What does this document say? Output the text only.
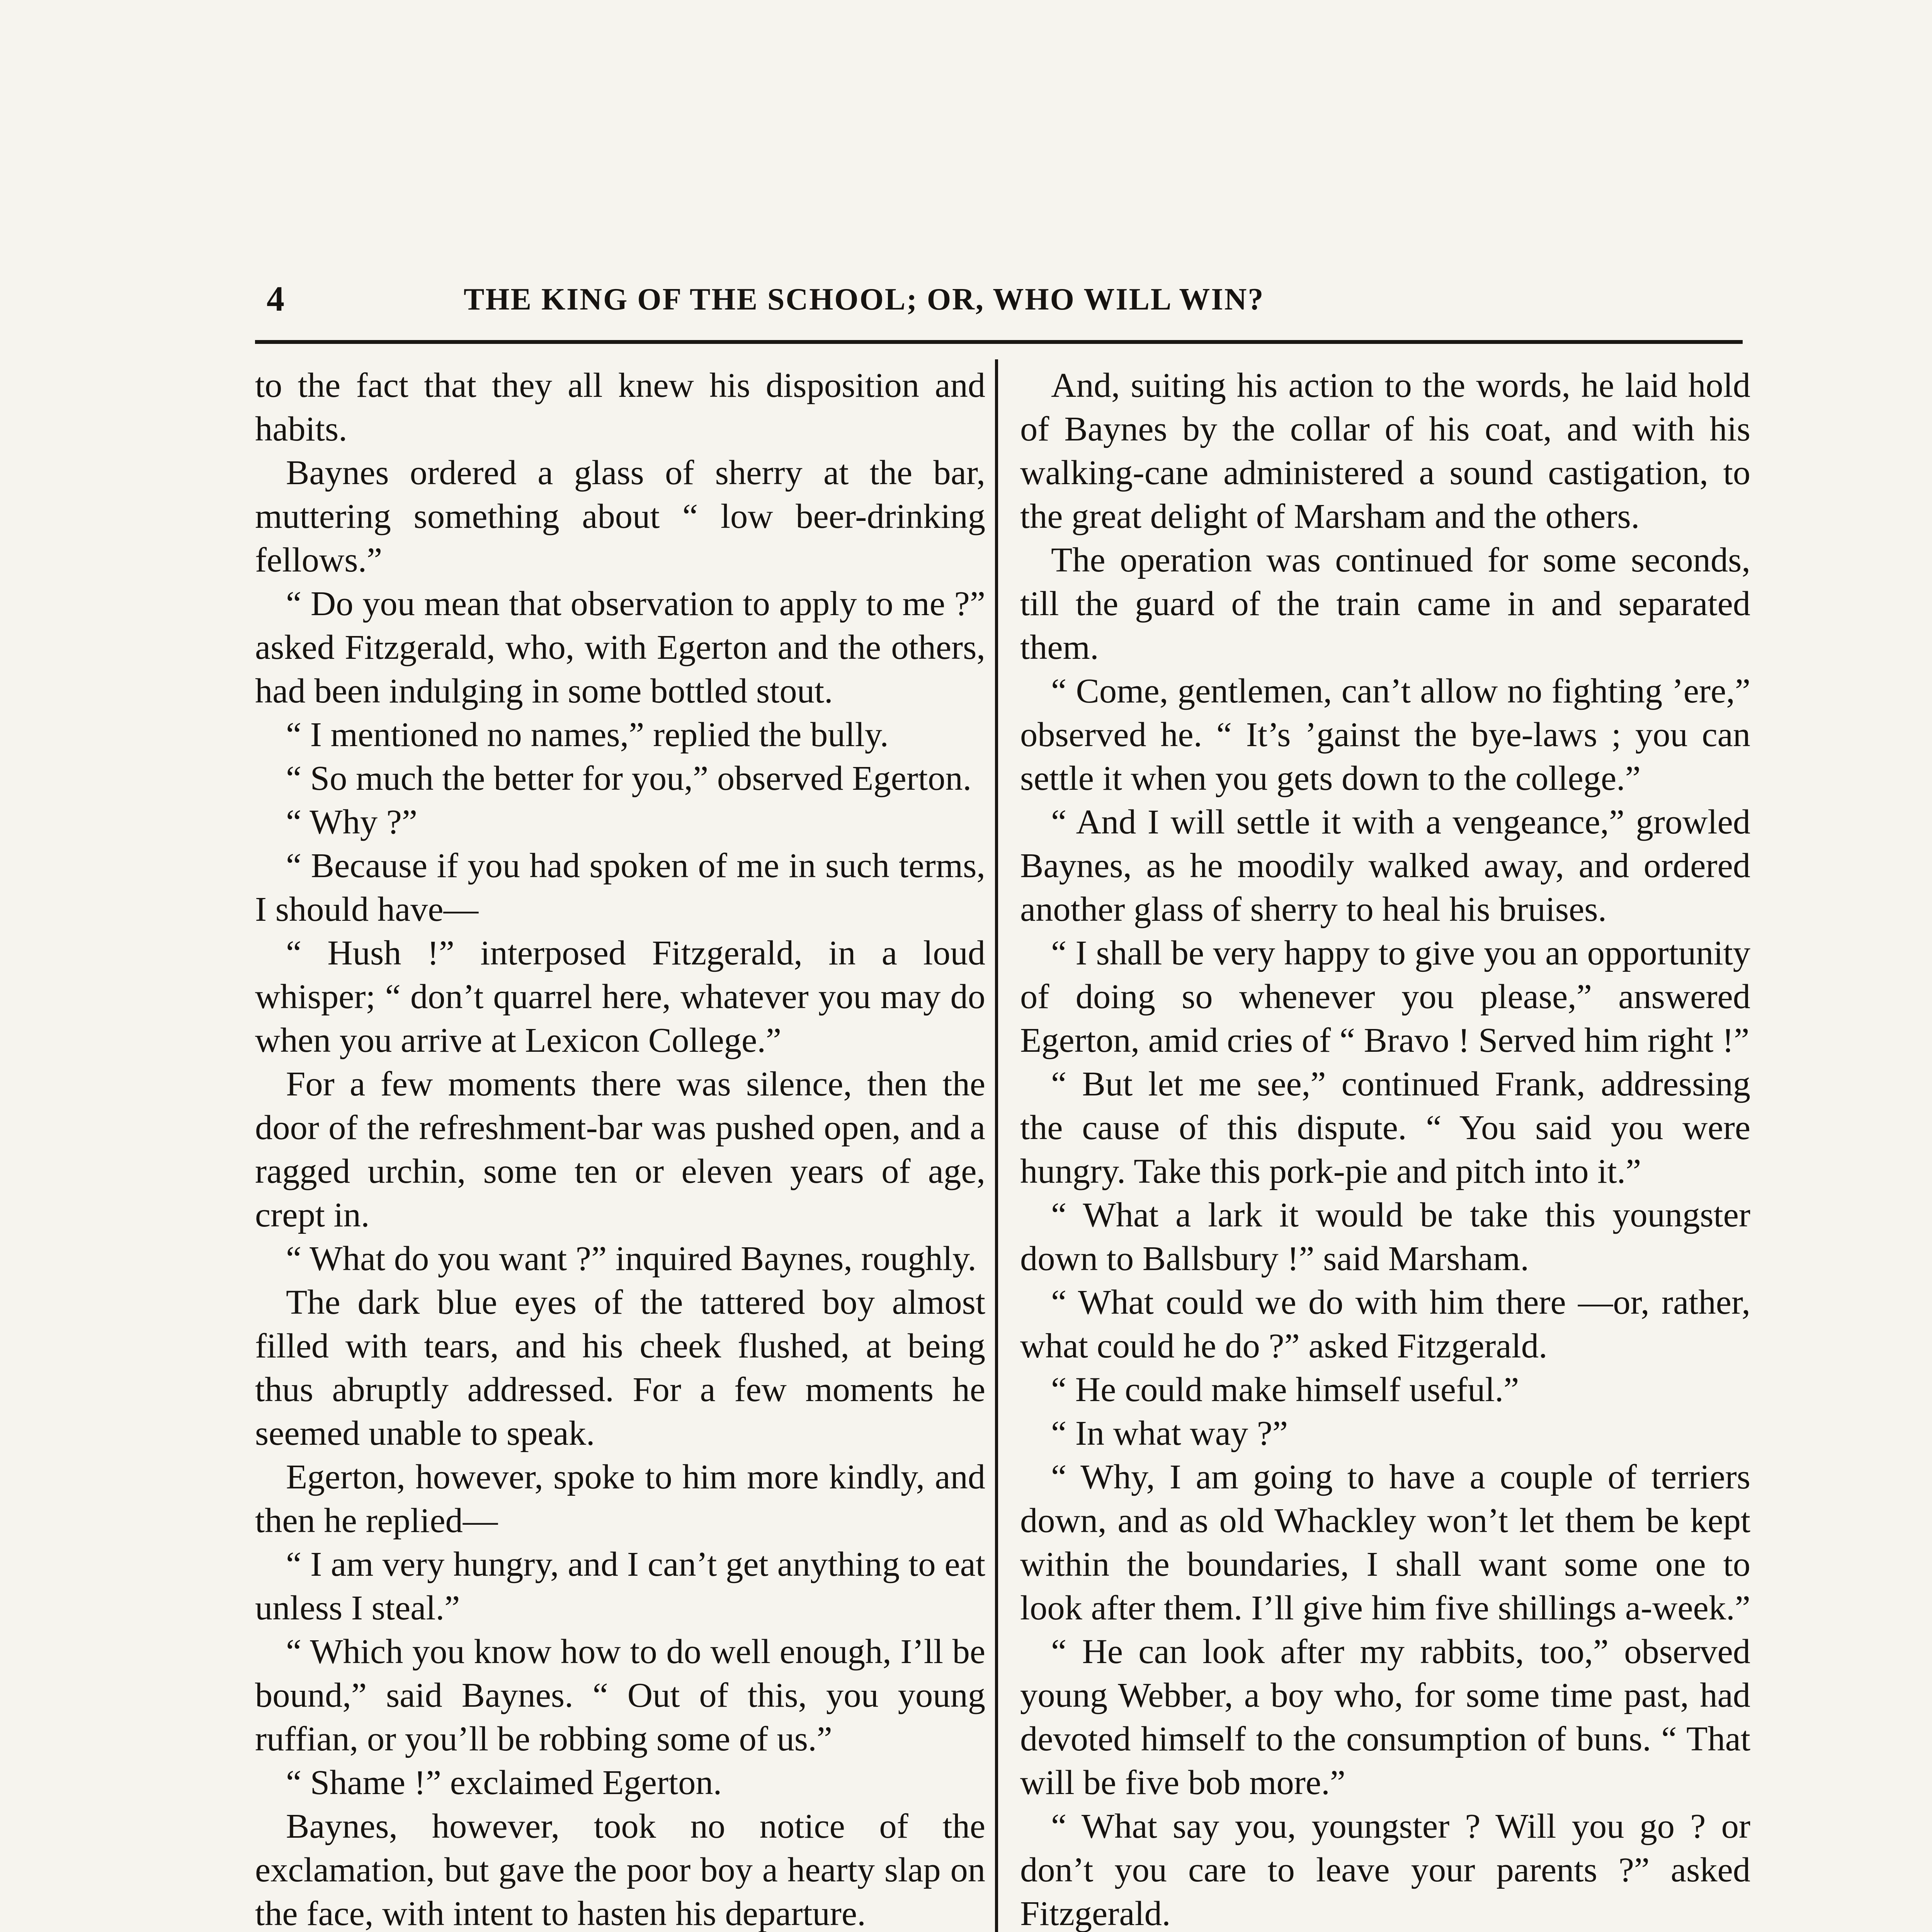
4	THE KING OF THE SCHOOL; OR, WHO WILL WIN?

to the fact that they all knew his disposition and habits.

Baynes ordered a glass of sherry at the bar, muttering something about “ low beer-drinking fellows.”

“ Do you mean that observation to apply to me ?” asked Fitzgerald, who, with Egerton and the others, had been indulging in some bottled stout.

“ I mentioned no names,” replied the bully.

“ So much the better for you,” observed Egerton.

“ Why ?”

“ Because if you had spoken of me in such terms, I should have—

“ Hush !” interposed Fitzgerald, in a loud whisper; “ don’t quarrel here, whatever you may do when you arrive at Lexicon College.”

For a few moments there was silence, then the door of the refreshment-bar was pushed open, and a ragged urchin, some ten or eleven years of age, crept in.

“ What do you want ?” inquired Baynes, roughly.

The dark blue eyes of the tattered boy almost filled with tears, and his cheek flushed, at being thus abruptly addressed. For a few moments he seemed unable to speak.

Egerton, however, spoke to him more kindly, and then he replied—

“ I am very hungry, and I can’t get anything to eat unless I steal.”

“ Which you know how to do well enough, I’ll be bound,” said Baynes. “ Out of this, you young ruffian, or you’ll be robbing some of us.”

“ Shame !” exclaimed Egerton.

Baynes, however, took no notice of the exclamation, but gave the poor boy a hearty slap on the face, with intent to hasten his departure.

And, suiting his action to the words, he laid hold of Baynes by the collar of his coat, and with his walking-cane administered a sound castigation, to the great delight of Marsham and the others.

The operation was continued for some seconds, till the guard of the train came in and separated them.

“ Come, gentlemen, can’t allow no fighting ’ere,” observed he. “ It’s ’gainst the bye-laws ; you can settle it when you gets down to the college.”

“ And I will settle it with a vengeance,” growled Baynes, as he moodily walked away, and ordered another glass of sherry to heal his bruises.

“ I shall be very happy to give you an opportunity of doing so whenever you please,” answered Egerton, amid cries of “ Bravo ! Served him right !”

“ But let me see,” continued Frank, addressing the cause of this dispute. “ You said you were hungry. Take this pork-pie and pitch into it.”

“ What a lark it would be take this youngster down to Ballsbury !” said Marsham.

“ What could we do with him there —or, rather, what could he do ?” asked Fitzgerald.

“ He could make himself useful.”

“ In what way ?”

“ Why, I am going to have a couple of terriers down, and as old Whackley won’t let them be kept within the boundaries, I shall want some one to look after them. I’ll give him five shillings a-week.”

“ He can look after my rabbits, too,” observed young Webber, a boy who, for some time past, had devoted himself to the consumption of buns. “ That will be five bob more.”

“ What say you, youngster ? Will you go ? or don’t you care to leave your parents ?” asked Fitzgerald.
